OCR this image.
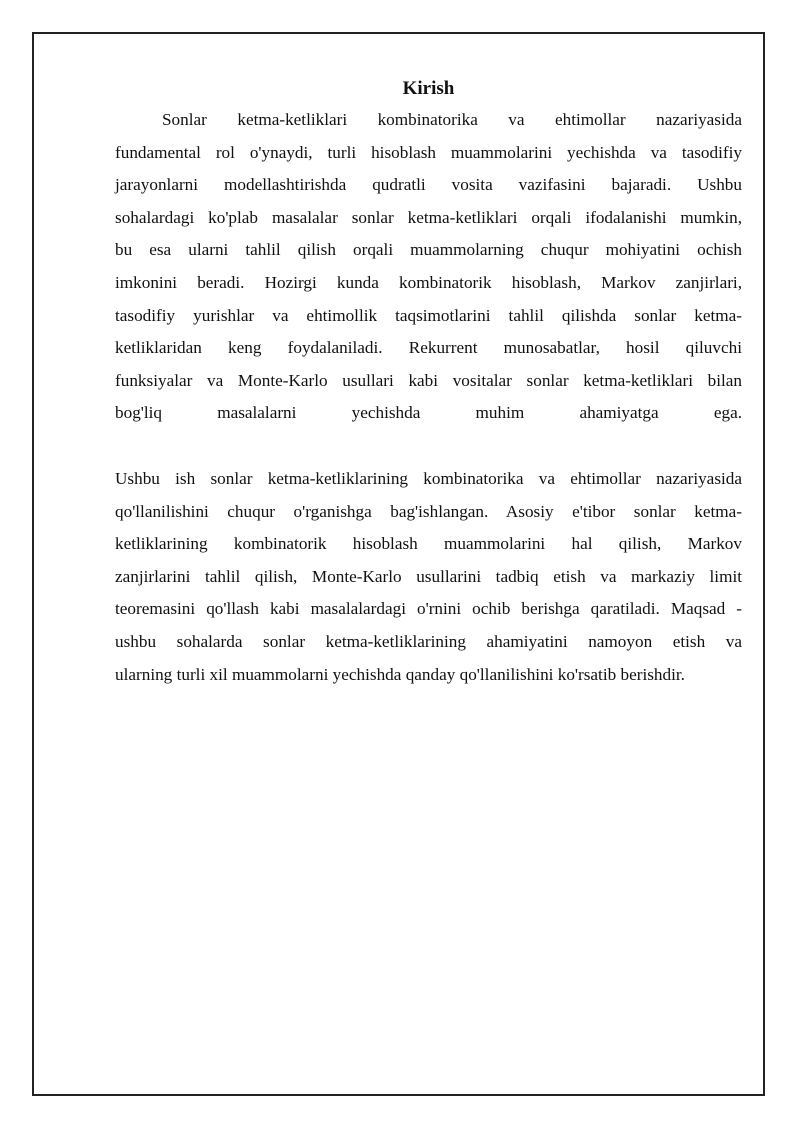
Kirish
Sonlar ketma-ketliklari kombinatorika va ehtimollar nazariyasida
fundamental rol o'ynaydi, turli hisoblash muammolarini yechishda va tasodifiy
jarayonlarni modellashtirishda qudratli vosita vazifasini bajaradi. Ushbu
sohalardagi ko'plab masalalar sonlar ketma-ketliklari orqali ifodalanishi mumkin,
bu esa ularni tahlil qilish orqali muammolarning chuqur mohiyatini ochish
imkonini beradi. Hozirgi kunda kombinatorik hisoblash, Markov zanjirlari,
tasodifiy yurishlar va ehtimollik taqsimotlarini tahlil qilishda sonlar ketma-
ketliklaridan keng foydalaniladi. Rekurrent munosabatlar, hosil qiluvchi
funksiyalar va Monte-Karlo usullari kabi vositalar sonlar ketma-ketliklari bilan
bog'liq masalalarni yechishda muhim ahamiyatga ega.
Ushbu ish sonlar ketma-ketliklarining kombinatorika va ehtimollar nazariyasida
qo'llanilishini chuqur o'rganishga bag'ishlangan. Asosiy e'tibor sonlar ketma-
ketliklarining kombinatorik hisoblash muammolarini hal qilish, Markov
zanjirlarini tahlil qilish, Monte-Karlo usullarini tadbiq etish va markaziy limit
teoremasini qo'llash kabi masalalardagi o'rnini ochib berishga qaratiladi. Maqsad -
ushbu sohalarda sonlar ketma-ketliklarining ahamiyatini namoyon etish va
ularning turli xil muammolarni yechishda qanday qo'llanilishini ko'rsatib berishdir.
